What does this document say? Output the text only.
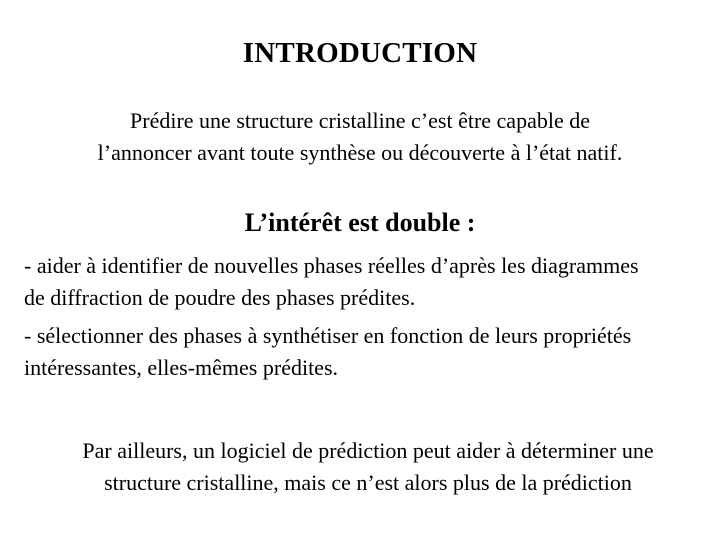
INTRODUCTION

Prédire une structure cristalline c’est être capable de
l’annoncer avant toute synthèse ou découverte à l’état natif.

L’intérêt est double :

- aider à identifier de nouvelles phases réelles d’après les diagrammes
de diffraction de poudre des phases prédites.

- sélectionner des phases à synthétiser en fonction de leurs propriétés
intéressantes, elles-mêmes prédites.

Par ailleurs, un logiciel de prédiction peut aider à déterminer une
structure cristalline, mais ce n’est alors plus de la prédiction
